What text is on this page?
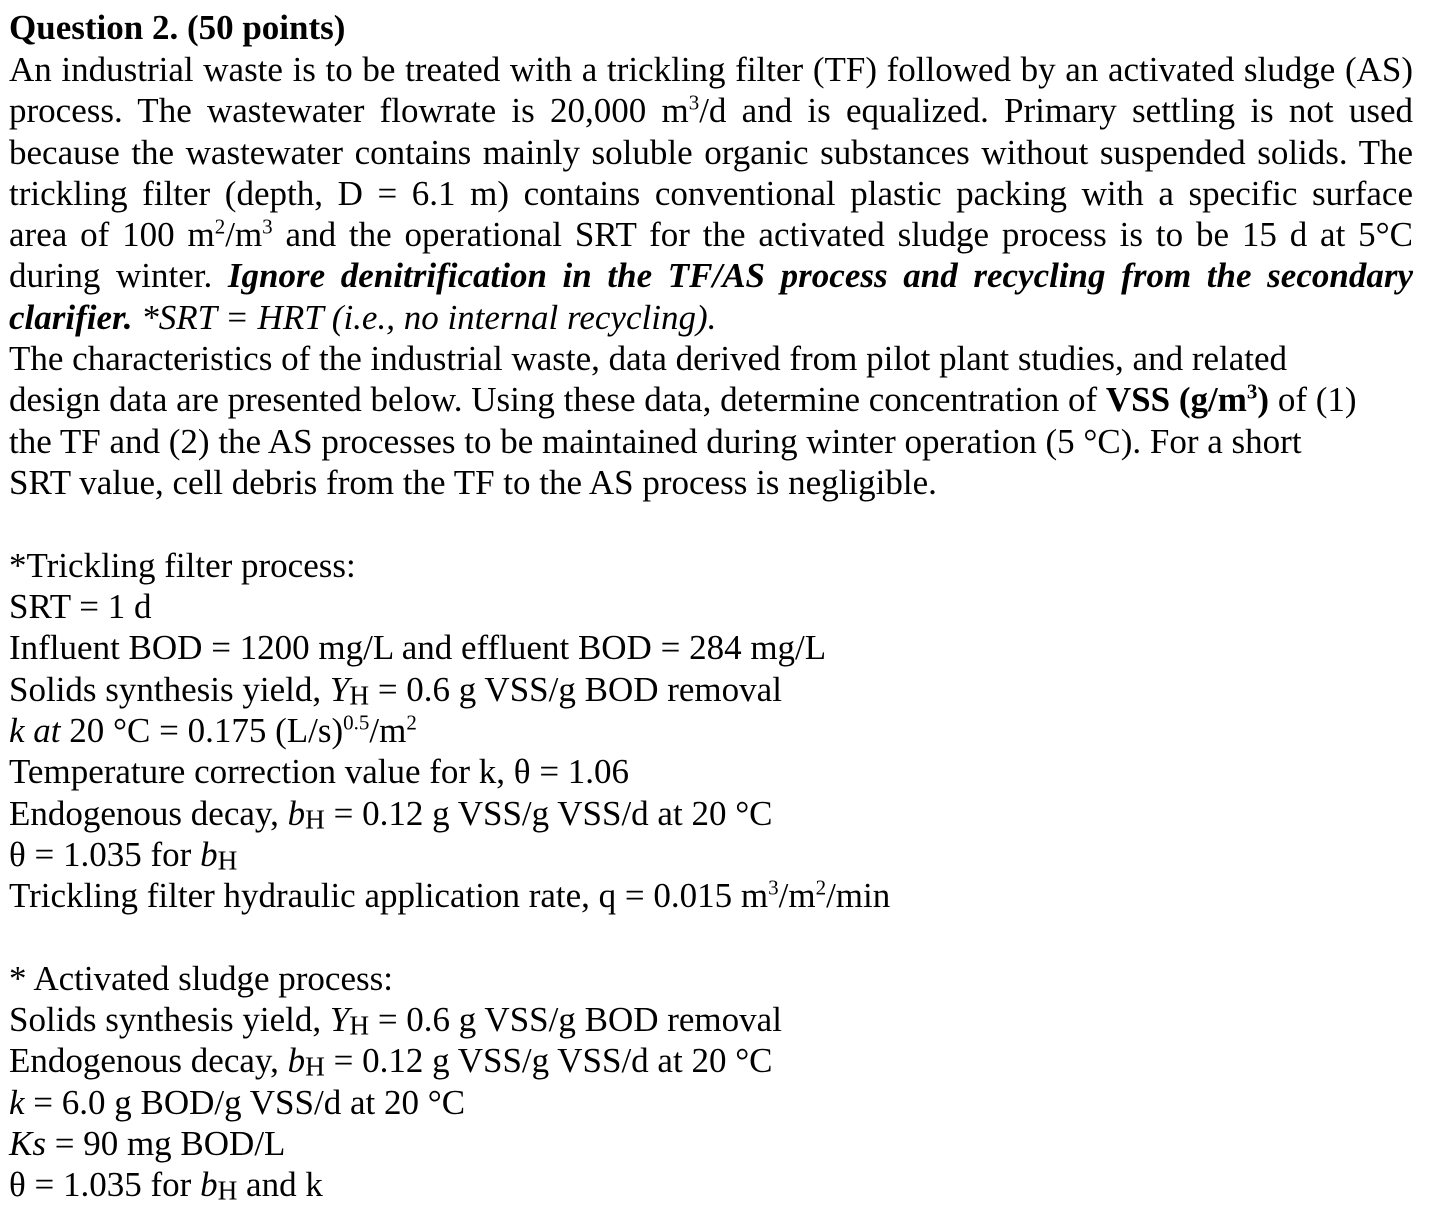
Question 2. (50 points)

An industrial waste is to be treated with a trickling filter (TF) followed by an activated sludge (AS)

process. The wastewater flowrate is 20,000 $m^3/d$ and is equalized. Primary settling is not used

because the wastewater contains mainly soluble organic substances without suspended solids. The

trickling filter (depth, D = 6.1 m) contains conventional plastic packing with a specific surface

area of 100 $m^2/m^3$ and the operational SRT for the activated sludge process is to be 15 d at 5°C

during winter. Ignore denitrification in the TF/AS process and recycling from the secondary

clarifier. *SRT = HRT (i.e., no internal recycling).

The characteristics of the industrial waste, data derived from pilot plant studies, and related

design data are presented below. Using these data, determine concentration of VSS $(g/m^3)$ of (1)

the TF and (2) the AS processes to be maintained during winter operation (5 °C). For a short

SRT value, cell debris from the TF to the AS process is negligible.

*Trickling filter process:

SRT = 1 d

Influent BOD = 1200 mg/L and effluent BOD = 284 mg/L

Solids synthesis yield, $Y_H = 0.6$ g VSS/g BOD removal

k at 20 °C = 0.175 $(L/s)^{0.5}/m^2$

Temperature correction value for k, θ = 1.06

Endogenous decay, $b_H = 0.12$ g VSS/g VSS/d at 20 °C

θ = 1.035 for $b_H$

Trickling filter hydraulic application rate, q = 0.015 $m^3/m^2/\min$

* Activated sludge process:

Solids synthesis yield, $Y_H = 0.6$ g VSS/g BOD removal

Endogenous decay, $b_H = 0.12$ g VSS/g VSS/d at 20 °C

k = 6.0 g BOD/g VSS/d at 20 °C

Ks = 90 mg BOD/L

θ = 1.035 for $b_H$ and k
